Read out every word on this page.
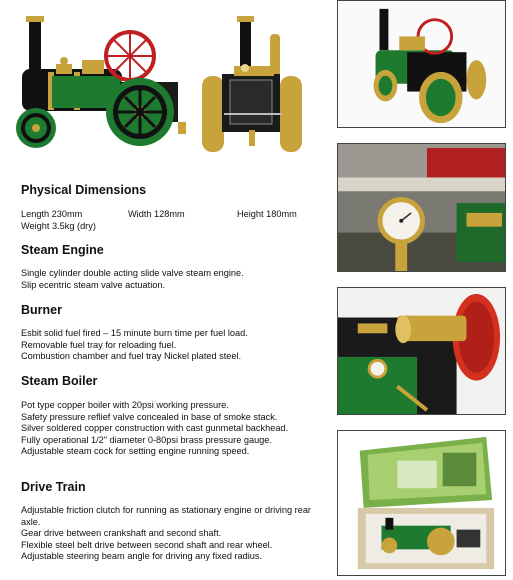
Physical Dimensions
Length 230mm	Width 128mm	Height 180mm
Weight 3.5kg (dry)
Steam Engine

Single cylinder double acting slide valve steam engine.

Slip ecentric steam valve actuation.

Burner

Esbit solid fuel fired – 15 minute burn time per fuel load.

Removable fuel tray for reloading fuel.

Combustion chamber and fuel tray Nickel plated steel.

Steam Boiler

Pot type copper boiler with 20psi working pressure.

Safety pressure reflief valve concealed in base of smoke stack.

Silver soldered copper construction with cast gunmetal backhead.

Fully operational 1/2" diameter 0-80psi brass pressure gauge.

Adjustable steam cock for setting engine running speed.

Drive Train

Adjustable friction clutch for running as stationary engine or driving rear axle.

Gear drive between crankshaft and second shaft.

Flexible steel belt drive between second shaft and rear wheel.

Adjustable steering beam angle for driving any fixed radius.
